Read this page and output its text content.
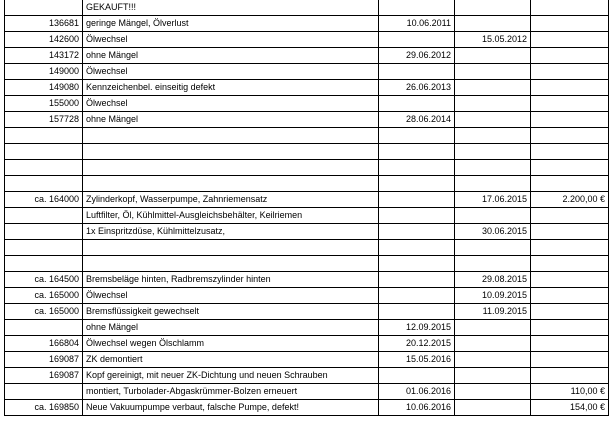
	GEKAUFT!!!			
136681	geringe Mängel, Ölverlust	10.06.2011		
142600	Ölwechsel		15.05.2012	
143172	ohne Mängel	29.06.2012		
149000	Ölwechsel			
149080	Kennzeichenbel. einseitig defekt	26.06.2013		
155000	Ölwechsel			
157728	ohne Mängel	28.06.2014		

ca. 164000	Zylinderkopf, Wasserpumpe, Zahnriemensatz		17.06.2015	2.200,00 €
	Luftfilter, Öl, Kühlmittel-Ausgleichsbehälter, Keilriemen			
	1x Einspritzdüse, Kühlmittelzusatz,		30.06.2015	

ca. 164500	Bremsbeläge hinten, Radbremszylinder hinten		29.08.2015	
ca. 165000	Ölwechsel		10.09.2015	
ca. 165000	Bremsflüssigkeit gewechselt		11.09.2015	
	ohne Mängel	12.09.2015		
166804	Ölwechsel wegen Ölschlamm	20.12.2015		
169087	ZK demontiert	15.05.2016		
169087	Kopf gereinigt, mit neuer ZK-Dichtung und neuen Schrauben			
	montiert, Turbolader-Abgaskrümmer-Bolzen erneuert	01.06.2016		110,00 €
ca. 169850	Neue Vakuumpumpe verbaut, falsche Pumpe, defekt!	10.06.2016		154,00 €
